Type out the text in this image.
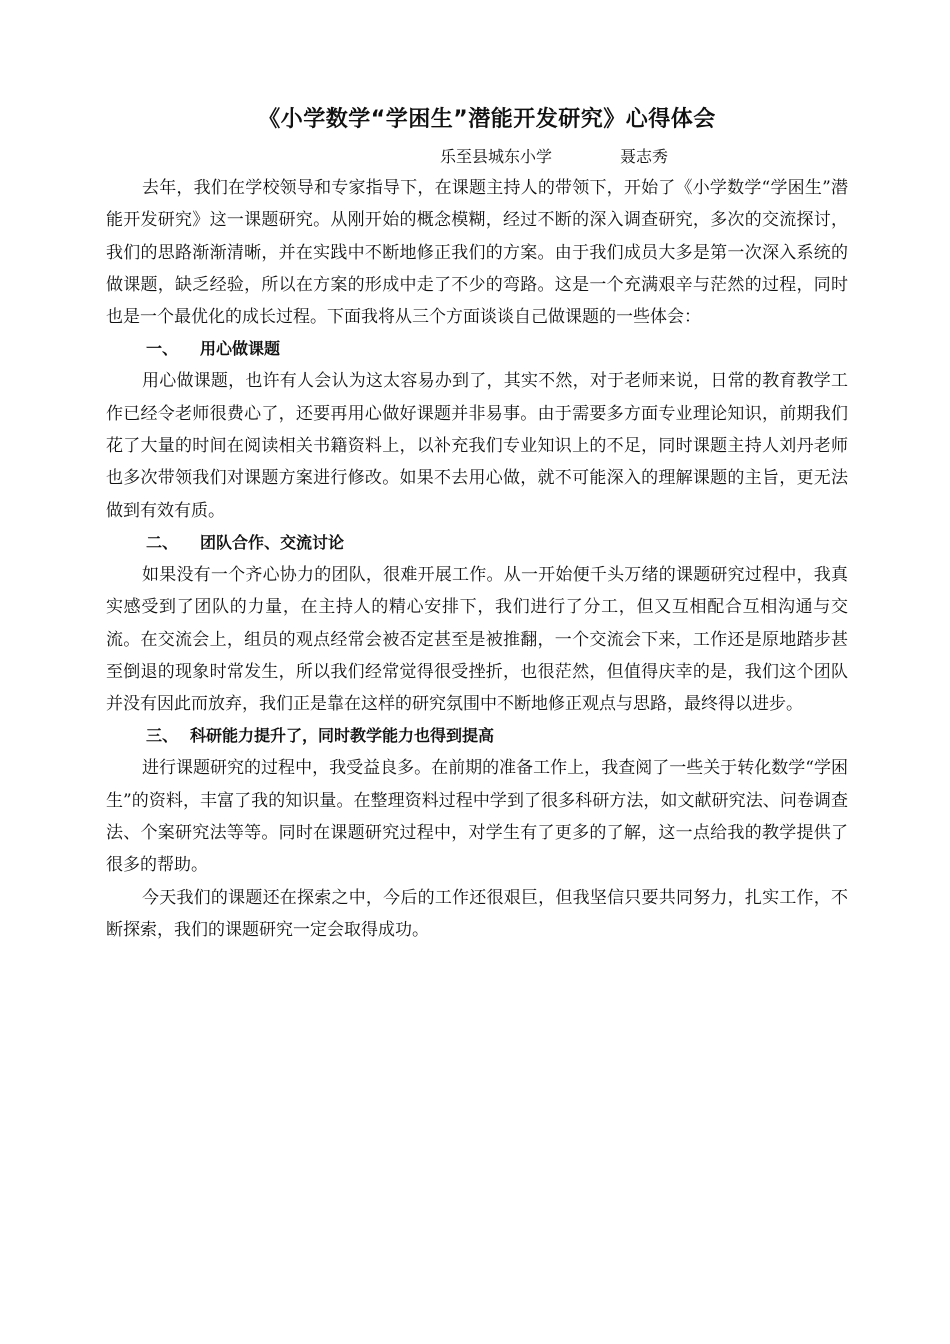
《小学数学“学困生”潜能开发研究》心得体会
乐至县城东小学	聂志秀

去年，我们在学校领导和专家指导下，在课题主持人的带领下，开始了《小学数学“学困生”潜能开发研究》这一课题研究。从刚开始的概念模糊，经过不断的深入调查研究，多次的交流探讨，我们的思路渐渐清晰，并在实践中不断地修正我们的方案。由于我们成员大多是第一次深入系统的做课题，缺乏经验，所以在方案的形成中走了不少的弯路。这是一个充满艰辛与茫然的过程，同时也是一个最优化的成长过程。下面我将从三个方面谈谈自己做课题的一些体会：

一、 用心做课题

用心做课题，也许有人会认为这太容易办到了，其实不然，对于老师来说，日常的教育教学工作已经令老师很费心了，还要再用心做好课题并非易事。由于需要多方面专业理论知识，前期我们花了大量的时间在阅读相关书籍资料上，以补充我们专业知识上的不足，同时课题主持人刘丹老师也多次带领我们对课题方案进行修改。如果不去用心做，就不可能深入的理解课题的主旨，更无法做到有效有质。

二、 团队合作、交流讨论

如果没有一个齐心协力的团队，很难开展工作。从一开始便千头万绪的课题研究过程中，我真实感受到了团队的力量，在主持人的精心安排下，我们进行了分工，但又互相配合互相沟通与交流。在交流会上，组员的观点经常会被否定甚至是被推翻，一个交流会下来，工作还是原地踏步甚至倒退的现象时常发生，所以我们经常觉得很受挫折，也很茫然，但值得庆幸的是，我们这个团队并没有因此而放弃，我们正是靠在这样的研究氛围中不断地修正观点与思路，最终得以进步。

三、 科研能力提升了，同时教学能力也得到提高

进行课题研究的过程中，我受益良多。在前期的准备工作上，我查阅了一些关于转化数学“学困生”的资料，丰富了我的知识量。在整理资料过程中学到了很多科研方法，如文献研究法、问卷调查法、个案研究法等等。同时在课题研究过程中，对学生有了更多的了解，这一点给我的教学提供了很多的帮助。

今天我们的课题还在探索之中，今后的工作还很艰巨，但我坚信只要共同努力，扎实工作，不断探索，我们的课题研究一定会取得成功。
